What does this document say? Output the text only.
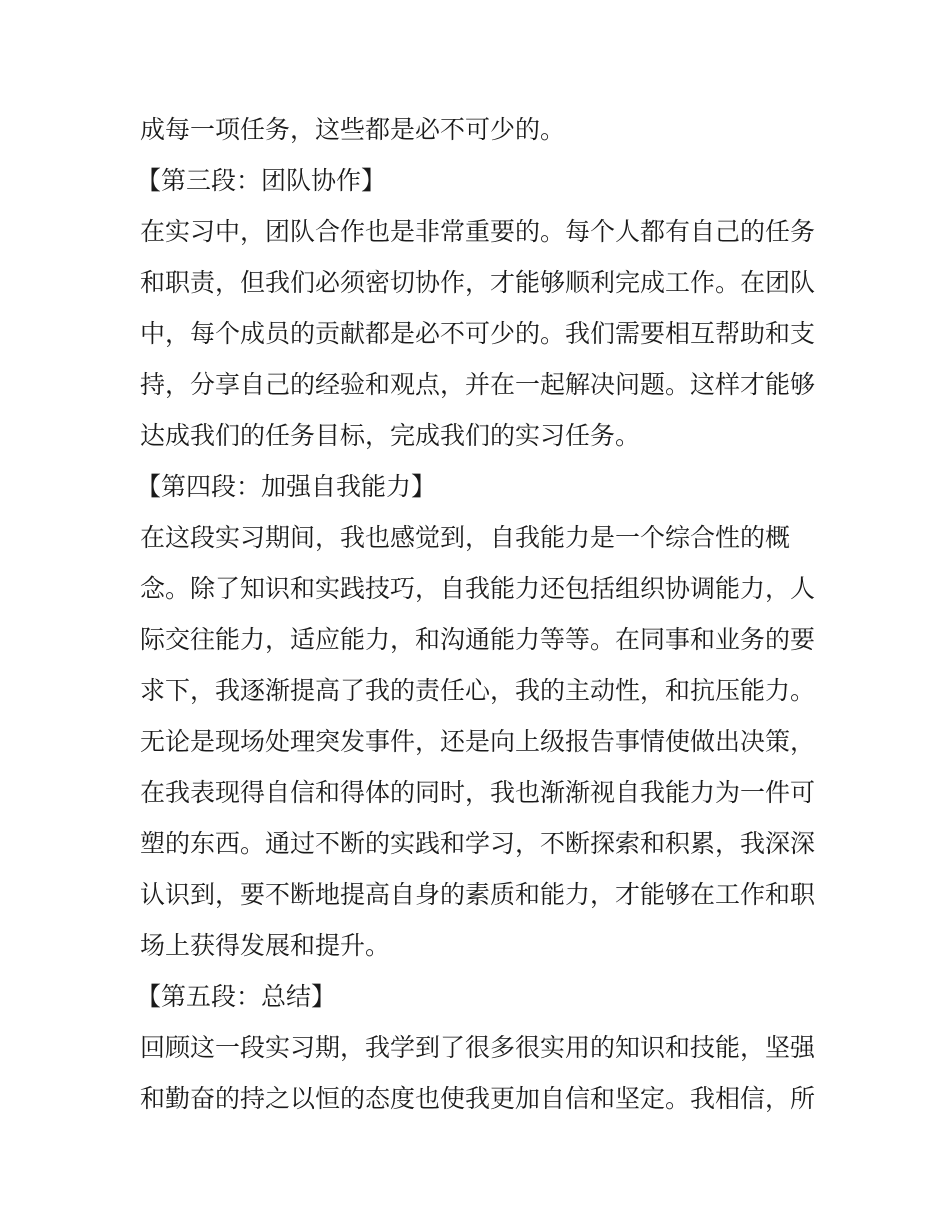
成每一项任务，这些都是必不可少的。
【第三段：团队协作】
在实习中，团队合作也是非常重要的。每个人都有自己的任务
和职责，但我们必须密切协作，才能够顺利完成工作。在团队
中，每个成员的贡献都是必不可少的。我们需要相互帮助和支
持，分享自己的经验和观点，并在一起解决问题。这样才能够
达成我们的任务目标，完成我们的实习任务。
【第四段：加强自我能力】
在这段实习期间，我也感觉到，自我能力是一个综合性的概
念。除了知识和实践技巧，自我能力还包括组织协调能力，人
际交往能力，适应能力，和沟通能力等等。在同事和业务的要
求下，我逐渐提高了我的责任心，我的主动性，和抗压能力。
无论是现场处理突发事件，还是向上级报告事情使做出决策，
在我表现得自信和得体的同时，我也渐渐视自我能力为一件可
塑的东西。通过不断的实践和学习，不断探索和积累，我深深
认识到，要不断地提高自身的素质和能力，才能够在工作和职
场上获得发展和提升。
【第五段：总结】
回顾这一段实习期，我学到了很多很实用的知识和技能，坚强
和勤奋的持之以恒的态度也使我更加自信和坚定。我相信，所
